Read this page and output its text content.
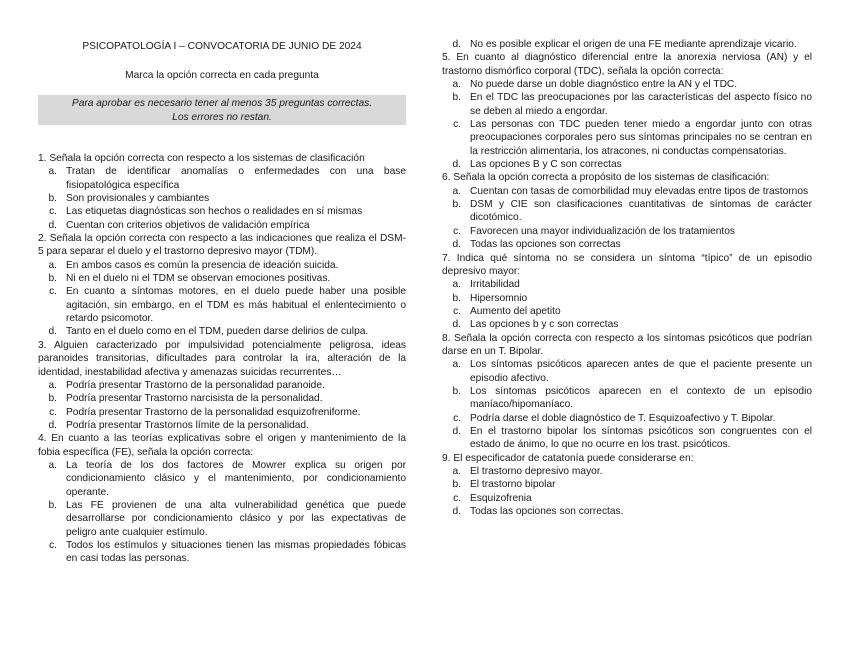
PSICOPATOLOGÍA I – CONVOCATORIA DE JUNIO DE 2024
Marca la opción correcta en cada pregunta
Para aprobar es necesario tener al menos 35 preguntas correctas.
Los errores no restan.
1. Señala la opción correcta con respecto a los sistemas de clasificación
a. Tratan de identificar anomalías o enfermedades con una base fisiopatológica específica
b. Son provisionales y cambiantes
c. Las etiquetas diagnósticas son hechos o realidades en sí mismas
d. Cuentan con criterios objetivos de validación empírica
2. Señala la opción correcta con respecto a las indicaciones que realiza el DSM-5 para separar el duelo y el trastorno depresivo mayor (TDM).
a. En ambos casos es común la presencia de ideación suicida.
b. Ni en el duelo ni el TDM se observan emociones positivas.
c. En cuanto a síntomas motores, en el duelo puede haber una posible agitación, sin embargo, en el TDM es más habitual el enlentecimiento o retardo psicomotor.
d. Tanto en el duelo como en el TDM, pueden darse delirios de culpa.
3. Alguien caracterizado por impulsividad potencialmente peligrosa, ideas paranoides transitorias, dificultades para controlar la ira, alteración de la identidad, inestabilidad afectiva y amenazas suicidas recurrentes…
a. Podría presentar Trastorno de la personalidad paranoide.
b. Podría presentar Trastorno narcisista de la personalidad.
c. Podría presentar Trastorno de la personalidad esquizofreniforme.
d. Podría presentar Trastornos límite de la personalidad.
4. En cuanto a las teorías explicativas sobre el origen y mantenimiento de la fobia específica (FE), señala la opción correcta:
a. La teoría de los dos factores de Mowrer explica su origen por condicionamiento clásico y el mantenimiento, por condicionamiento operante.
b. Las FE provienen de una alta vulnerabilidad genética que puede desarrollarse por condicionamiento clásico y por las expectativas de peligro ante cualquier estímulo.
c. Todos los estímulos y situaciones tienen las mismas propiedades fóbicas en casi todas las personas.
d. No es posible explicar el origen de una FE mediante aprendizaje vicario.
5. En cuanto al diagnóstico diferencial entre la anorexia nerviosa (AN) y el trastorno dismórfico corporal (TDC), señala la opción correcta:
a. No puede darse un doble diagnóstico entre la AN y el TDC.
b. En el TDC las preocupaciones por las características del aspecto físico no se deben al miedo a engordar.
c. Las personas con TDC pueden tener miedo a engordar junto con otras preocupaciones corporales pero sus síntomas principales no se centran en la restricción alimentaria, los atracones, ni conductas compensatorias.
d. Las opciones B y C son correctas
6. Señala la opción correcta a propósito de los sistemas de clasificación:
a. Cuentan con tasas de comorbilidad muy elevadas entre tipos de trastornos
b. DSM y CIE son clasificaciones cuantitativas de síntomas de carácter dicotómico.
c. Favorecen una mayor individualización de los tratamientos
d. Todas las opciones son correctas
7. Indica qué síntoma no se considera un síntoma “típico” de un episodio depresivo mayor:
a. Irritabilidad
b. Hipersomnio
c. Aumento del apetito
d. Las opciones b y c son correctas
8. Señala la opción correcta con respecto a los síntomas psicóticos que podrían darse en un T. Bipolar.
a. Los síntomas psicóticos aparecen antes de que el paciente presente un episodio afectivo.
b. Los síntomas psicóticos aparecen en el contexto de un episodio maníaco/hipomaníaco.
c. Podría darse el doble diagnóstico de T. Esquizoafectivo y T. Bipolar.
d. En el trastorno bipolar los síntomas psicóticos son congruentes con el estado de ánimo, lo que no ocurre en los trast. psicóticos.
9. El especificador de catatonía puede considerarse en:
a. El trastorno depresivo mayor.
b. El trastorno bipolar
c. Esquizofrenia
d. Todas las opciones son correctas.
